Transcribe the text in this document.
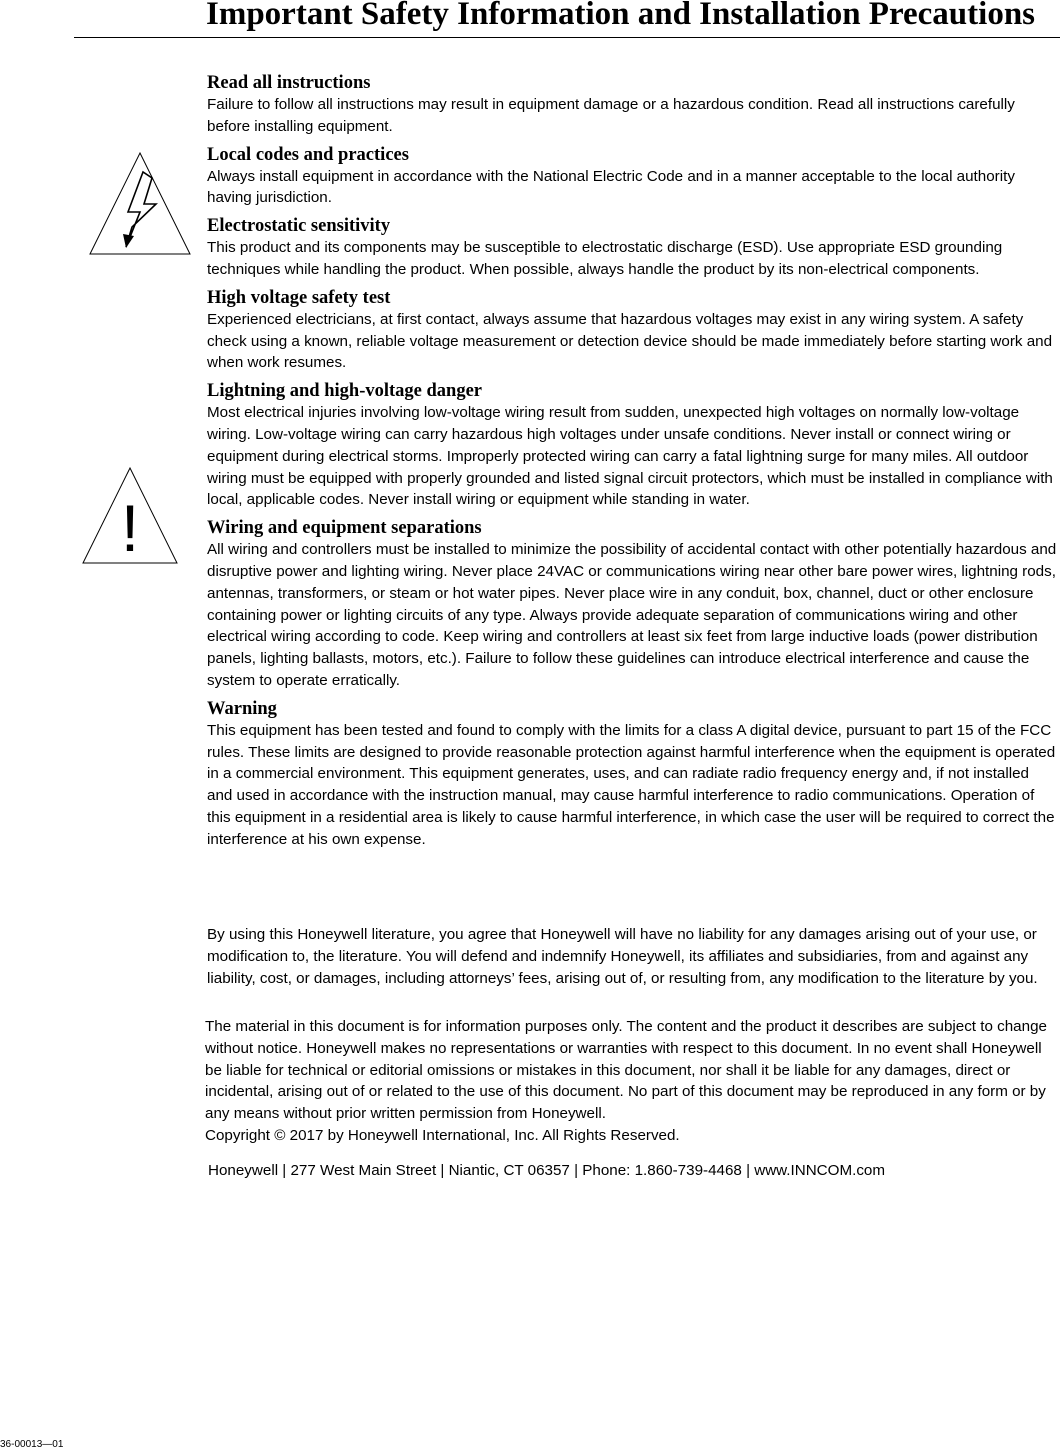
Important Safety Information and Installation Precautions
!
Read all instructions

Failure to follow all instructions may result in equipment damage or a hazardous condition. Read all instructions carefully before installing equipment.

Local codes and practices

Always install equipment in accordance with the National Electric Code and in a manner acceptable to the local authority having jurisdiction.

Electrostatic sensitivity

This product and its components may be susceptible to electrostatic discharge (ESD). Use appropriate ESD grounding techniques while handling the product. When possible, always handle the product by its non-electrical components.

High voltage safety test

Experienced electricians, at first contact, always assume that hazardous voltages may exist in any wiring system. A safety check using a known, reliable voltage measurement or detection device should be made immediately before starting work and when work resumes.

Lightning and high-voltage danger

Most electrical injuries involving low-voltage wiring result from sudden, unexpected high voltages on normally low-voltage wiring. Low-voltage wiring can carry hazardous high voltages under unsafe conditions. Never install or connect wiring or equipment during electrical storms. Improperly protected wiring can carry a fatal lightning surge for many miles. All outdoor wiring must be equipped with properly grounded and listed signal circuit protectors, which must be installed in compliance with local, applicable codes. Never install wiring or equipment while standing in water.

Wiring and equipment separations

All wiring and controllers must be installed to minimize the possibility of accidental contact with other potentially hazardous and disruptive power and lighting wiring. Never place 24VAC or communications wiring near other bare power wires, lightning rods, antennas, transformers, or steam or hot water pipes. Never place wire in any conduit, box, channel, duct or other enclosure containing power or lighting circuits of any type. Always provide adequate separation of communications wiring and other electrical wiring according to code. Keep wiring and controllers at least six feet from large inductive loads (power distribution panels, lighting ballasts, motors, etc.). Failure to follow these guidelines can introduce electrical interference and cause the system to operate erratically.

Warning

This equipment has been tested and found to comply with the limits for a class A digital device, pursuant to part 15 of the FCC rules. These limits are designed to provide reasonable protection against harmful interference when the equipment is operated in a commercial environment. This equipment generates, uses, and can radiate radio frequency energy and, if not installed and used in accordance with the instruction manual, may cause harmful interference to radio communications. Operation of this equipment in a residential area is likely to cause harmful interference, in which case the user will be required to correct the interference at his own expense.

By using this Honeywell literature, you agree that Honeywell will have no liability for any damages arising out of your use, or modification to, the literature. You will defend and indemnify Honeywell, its affiliates and subsidiaries, from and against any liability, cost, or damages, including attorneys’ fees, arising out of, or resulting from, any modification to the literature by you.

The material in this document is for information purposes only. The content and the product it describes are subject to change without notice. Honeywell makes no representations or warranties with respect to this document. In no event shall Honeywell be liable for technical or editorial omissions or mistakes in this document, nor shall it be liable for any damages, direct or incidental, arising out of or related to the use of this document. No part of this document may be reproduced in any form or by any means without prior written permission from Honeywell.
Copyright © 2017 by Honeywell International, Inc. All Rights Reserved.

Honeywell | 277 West Main Street | Niantic, CT 06357 | Phone: 1.860-739-4468 | www.INNCOM.com

36-00013—01
